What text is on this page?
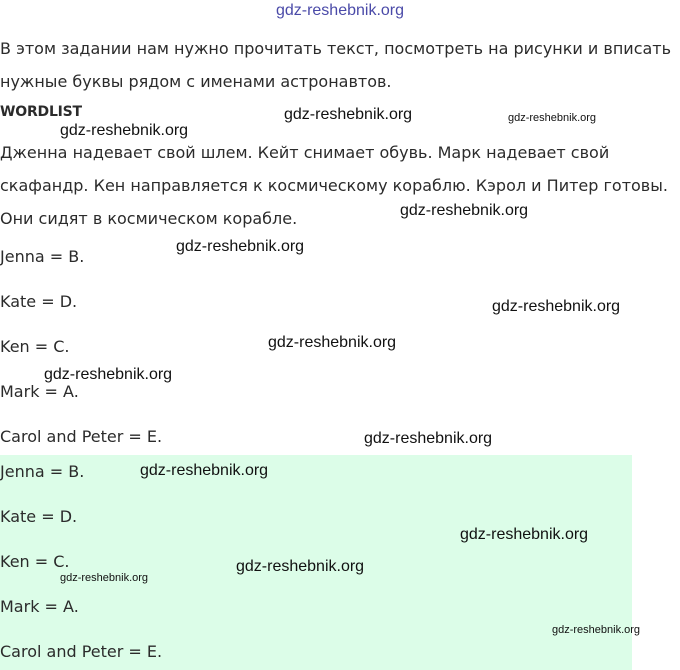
gdz-reshebnik.org

В этом задании нам нужно прочитать текст, посмотреть на рисунки и вписать нужные буквы рядом с именами астронавтов.

WORDLIST

Дженна надевает свой шлем. Кейт снимает обувь. Марк надевает свой скафандр. Кен направляется к космическому кораблю. Кэрол и Питер готовы. Они сидят в космическом корабле.

Jenna = B.
Kate = D.
Ken = C.
Mark = A.
Carol and Peter = E.
Jenna = B.
Kate = D.
Ken = C.
Mark = A.
Carol and Peter = E.
gdz-reshebnik.org	gdz-reshebnik.org
gdz-reshebnik.org
gdz-reshebnik.org
gdz-reshebnik.org
gdz-reshebnik.org
gdz-reshebnik.org
gdz-reshebnik.org
gdz-reshebnik.org
gdz-reshebnik.org
gdz-reshebnik.org
gdz-reshebnik.org
gdz-reshebnik.org
gdz-reshebnik.org
